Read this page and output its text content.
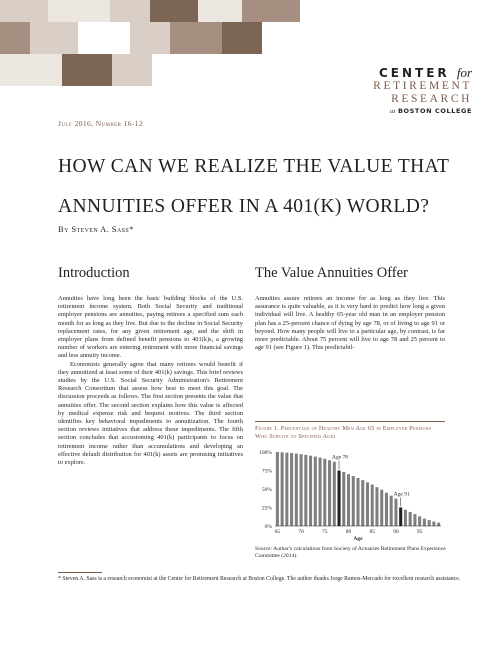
CENTER for
RETIREMENT
RESEARCH
at BOSTON COLLEGE
July 2016, Number 16-12
HOW CAN WE REALIZE THE VALUE THAT
ANNUITIES OFFER IN A 401(K) WORLD?
By Steven A. Sass*
Introduction

Annuities have long been the basic building blocks of the U.S. retirement income system. Both Social Security and traditional employer pensions are annuities, paying retirees a specified sum each month for as long as they live. But due to the decline in Social Security replacement rates, for any given retirement age, and the shift in employer plans from defined benefit pensions to 401(k)s, a growing number of workers are entering retirement with more financial savings and less annuity income.

Economists generally agree that many retirees would benefit if they annuitized at least some of their 401(k) savings. This brief reviews studies by the U.S. Social Security Administration's Retirement Research Consortium that assess how best to meet this goal. The discussion proceeds as follows. The first section presents the value that annuities offer. The second section explains how this value is affected by medical expense risk and bequest motives. The third section identifies key behavioral impediments to annuitization. The fourth section reviews initiatives that address these impediments. The fifth section concludes that accustoming 401(k) participants to focus on retirement income rather than accumulations and developing an effective default distribution for 401(k) assets are promising initiatives to explore.

The Value Annuities Offer

Annuities assure retirees an income for as long as they live. This assurance is quite valuable, as it is very hard to predict how long a given individual will live. A healthy 65-year old man in an employer pension plan has a 25-percent chance of dying by age 78, or of living to age 91 or beyond. How many people will live to a particular age, by contrast, is far more predictable. About 75 percent will live to age 78 and 25 percent to age 91 (see Figure 1). This predictabil-

Figure 1. Percentage of Healthy Men Age 65 in Employer Pensions Who Survive to Specified Ages
0%
25%
50%
75%
100%
65	70	75	80	85	90	95
Age
Age 78
Age 91
Source: Author's calculations from Society of Actuaries Retirement Plans Experience Committee (2014).
* Steven A. Sass is a research economist at the Center for Retirement Research at Boston College. The author thanks Jorge Ramos-Mercado for excellent research assistance.
